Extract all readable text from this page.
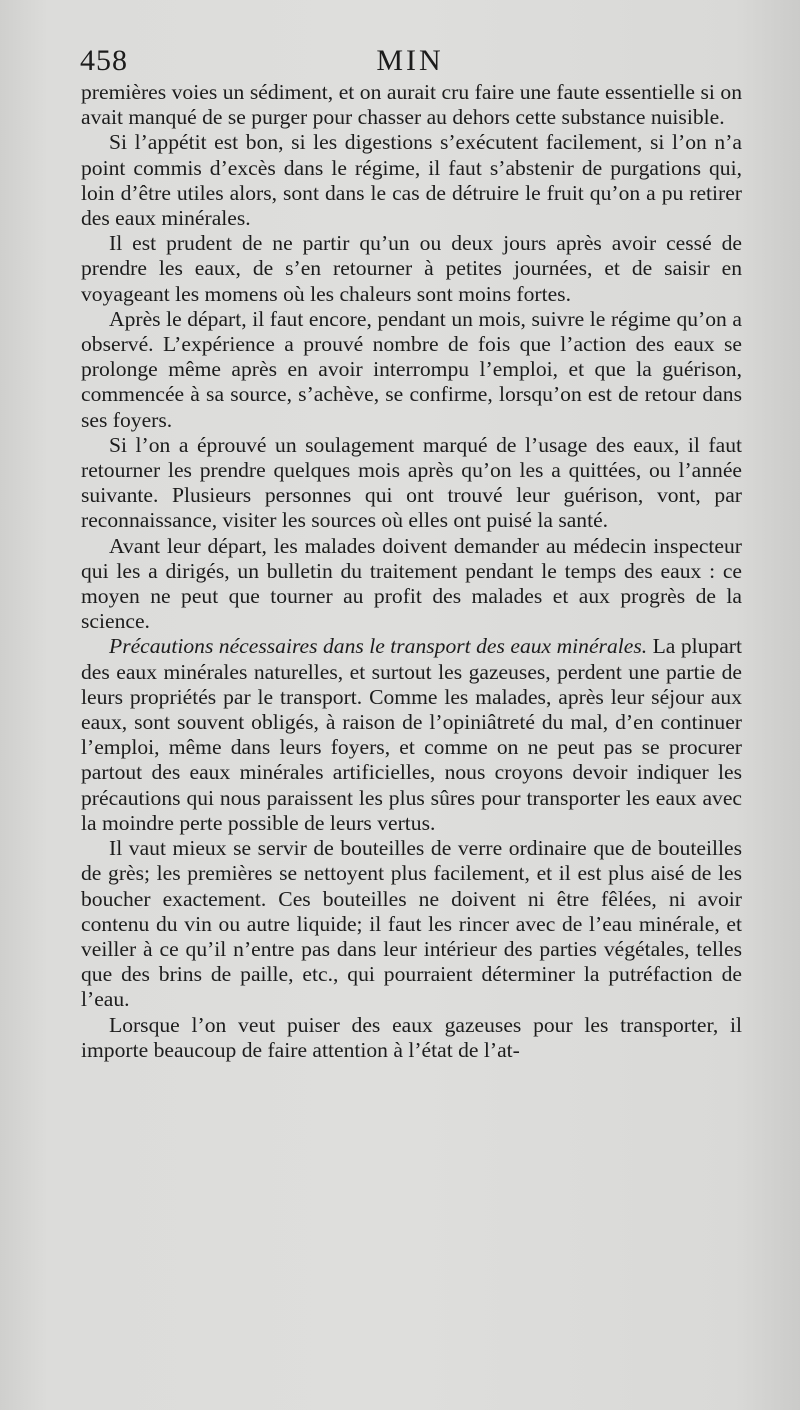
458	MIN

premières voies un sédiment, et on aurait cru faire une faute essentielle si on avait manqué de se purger pour chasser au dehors cette substance nuisible.

Si l’appétit est bon, si les digestions s’exécutent facilement, si l’on n’a point commis d’excès dans le régime, il faut s’abstenir de purgations qui, loin d’être utiles alors, sont dans le cas de détruire le fruit qu’on a pu retirer des eaux minérales.

Il est prudent de ne partir qu’un ou deux jours après avoir cessé de prendre les eaux, de s’en retourner à petites journées, et de saisir en voyageant les momens où les chaleurs sont moins fortes.

Après le départ, il faut encore, pendant un mois, suivre le régime qu’on a observé. L’expérience a prouvé nombre de fois que l’action des eaux se prolonge même après en avoir interrompu l’emploi, et que la guérison, commencée à sa source, s’achève, se confirme, lorsqu’on est de retour dans ses foyers.

Si l’on a éprouvé un soulagement marqué de l’usage des eaux, il faut retourner les prendre quelques mois après qu’on les a quittées, ou l’année suivante. Plusieurs personnes qui ont trouvé leur guérison, vont, par reconnaissance, visiter les sources où elles ont puisé la santé.

Avant leur départ, les malades doivent demander au médecin inspecteur qui les a dirigés, un bulletin du traitement pendant le temps des eaux : ce moyen ne peut que tourner au profit des malades et aux progrès de la science.

Précautions nécessaires dans le transport des eaux minérales. La plupart des eaux minérales naturelles, et surtout les gazeuses, perdent une partie de leurs propriétés par le transport. Comme les malades, après leur séjour aux eaux, sont souvent obligés, à raison de l’opiniâtreté du mal, d’en continuer l’emploi, même dans leurs foyers, et comme on ne peut pas se procurer partout des eaux minérales artificielles, nous croyons devoir indiquer les précautions qui nous paraissent les plus sûres pour transporter les eaux avec la moindre perte possible de leurs vertus.

Il vaut mieux se servir de bouteilles de verre ordinaire que de bouteilles de grès; les premières se nettoyent plus facilement, et il est plus aisé de les boucher exactement. Ces bouteilles ne doivent ni être fêlées, ni avoir contenu du vin ou autre liquide; il faut les rincer avec de l’eau minérale, et veiller à ce qu’il n’entre pas dans leur intérieur des parties végétales, telles que des brins de paille, etc., qui pourraient déterminer la putréfaction de l’eau.

Lorsque l’on veut puiser des eaux gazeuses pour les transporter, il importe beaucoup de faire attention à l’état de l’at-
